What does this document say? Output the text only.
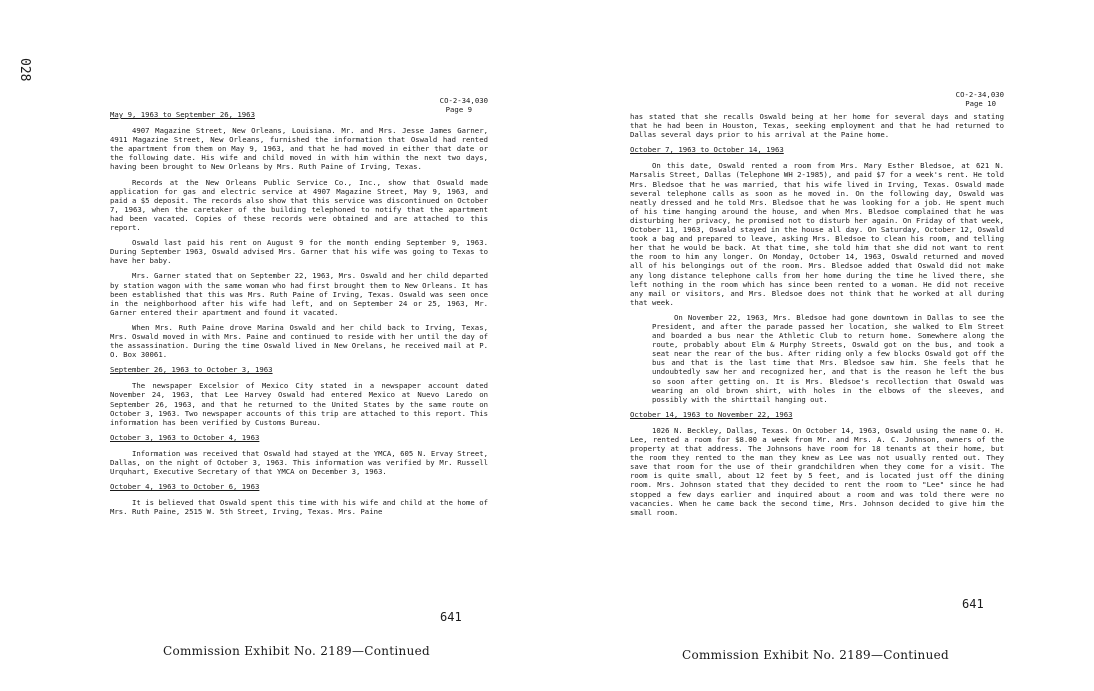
028
CO-2-34,030
Page 9
May 9, 1963 to September 26, 1963

4907 Magazine Street, New Orleans, Louisiana. Mr. and Mrs. Jesse James Garner, 4911 Magazine Street, New Orleans, furnished the information that Oswald had rented the apartment from them on May 9, 1963, and that he had moved in either that date or the following date. His wife and child moved in with him within the next two days, having been brought to New Orleans by Mrs. Ruth Paine of Irving, Texas.

Records at the New Orleans Public Service Co., Inc., show that Oswald made application for gas and electric service at 4907 Magazine Street, May 9, 1963, and paid a $5 deposit. The records also show that this service was discontinued on October 7, 1963, when the caretaker of the building telephoned to notify that the apartment had been vacated. Copies of these records were obtained and are attached to this report.

Oswald last paid his rent on August 9 for the month ending September 9, 1963. During September 1963, Oswald advised Mrs. Garner that his wife was going to Texas to have her baby.

Mrs. Garner stated that on September 22, 1963, Mrs. Oswald and her child departed by station wagon with the same woman who had first brought them to New Orleans. It has been established that this was Mrs. Ruth Paine of Irving, Texas. Oswald was seen once in the neighborhood after his wife had left, and on September 24 or 25, 1963, Mr. Garner entered their apartment and found it vacated.

When Mrs. Ruth Paine drove Marina Oswald and her child back to Irving, Texas, Mrs. Oswald moved in with Mrs. Paine and continued to reside with her until the day of the assassination. During the time Oswald lived in New Orelans, he received mail at P. O. Box 30061.

September 26, 1963 to October 3, 1963

The newspaper Excelsior of Mexico City stated in a newspaper account dated November 24, 1963, that Lee Harvey Oswald had entered Mexico at Nuevo Laredo on September 26, 1963, and that he returned to the United States by the same route on October 3, 1963. Two newspaper accounts of this trip are attached to this report. This information has been verified by Customs Bureau.

October 3, 1963 to October 4, 1963

Information was received that Oswald had stayed at the YMCA, 605 N. Ervay Street, Dallas, on the night of October 3, 1963. This information was verified by Mr. Russell Urquhart, Executive Secretary of that YMCA on December 3, 1963.

October 4, 1963 to October 6, 1963

It is believed that Oswald spent this time with his wife and child at the home of Mrs. Ruth Paine, 2515 W. 5th Street, Irving, Texas. Mrs. Paine

641
Commission Exhibit No. 2189—Continued
CO-2-34,030
Page 10

has stated that she recalls Oswald being at her home for several days and stating that he had been in Houston, Texas, seeking employment and that he had returned to Dallas several days prior to his arrival at the Paine home.

October 7, 1963 to October 14, 1963

On this date, Oswald rented a room from Mrs. Mary Esther Bledsoe, at 621 N. Marsalis Street, Dallas (Telephone WH 2-1985), and paid $7 for a week's rent. He told Mrs. Bledsoe that he was married, that his wife lived in Irving, Texas. Oswald made several telephone calls as soon as he moved in. On the following day, Oswald was neatly dressed and he told Mrs. Bledsoe that he was looking for a job. He spent much of his time hanging around the house, and when Mrs. Bledsoe complained that he was disturbing her privacy, he promised not to disturb her again. On Friday of that week, October 11, 1963, Oswald stayed in the house all day. On Saturday, October 12, Oswald took a bag and prepared to leave, asking Mrs. Bledsoe to clean his room, and telling her that he would be back. At that time, she told him that she did not want to rent the room to him any longer. On Monday, October 14, 1963, Oswald returned and moved all of his belongings out of the room. Mrs. Bledsoe added that Oswald did not make any long distance telephone calls from her home during the time he lived there, she left nothing in the room which has since been rented to a woman. He did not receive any mail or visitors, and Mrs. Bledsoe does not think that he worked at all during that week.

On November 22, 1963, Mrs. Bledsoe had gone downtown in Dallas to see the President, and after the parade passed her location, she walked to Elm Street and boarded a bus near the Athletic Club to return home. Somewhere along the route, probably about Elm & Murphy Streets, Oswald got on the bus, and took a seat near the rear of the bus. After riding only a few blocks Oswald got off the bus and that is the last time that Mrs. Bledsoe saw him. She feels that he undoubtedly saw her and recognized her, and that is the reason he left the bus so soon after getting on. It is Mrs. Bledsoe's recollection that Oswald was wearing an old brown shirt, with holes in the elbows of the sleeves, and possibly with the shirttail hanging out.

October 14, 1963 to November 22, 1963

1026 N. Beckley, Dallas, Texas. On October 14, 1963, Oswald using the name O. H. Lee, rented a room for $8.00 a week from Mr. and Mrs. A. C. Johnson, owners of the property at that address. The Johnsons have room for 18 tenants at their home, but the room they rented to the man they knew as Lee was not usually rented out. They save that room for the use of their grandchildren when they come for a visit. The room is quite small, about 12 feet by 5 feet, and is located just off the dining room. Mrs. Johnson stated that they decided to rent the room to "Lee" since he had stopped a few days earlier and inquired about a room and was told there were no vacancies. When he came back the second time, Mrs. Johnson decided to give him the small room.

641
Commission Exhibit No. 2189—Continued
